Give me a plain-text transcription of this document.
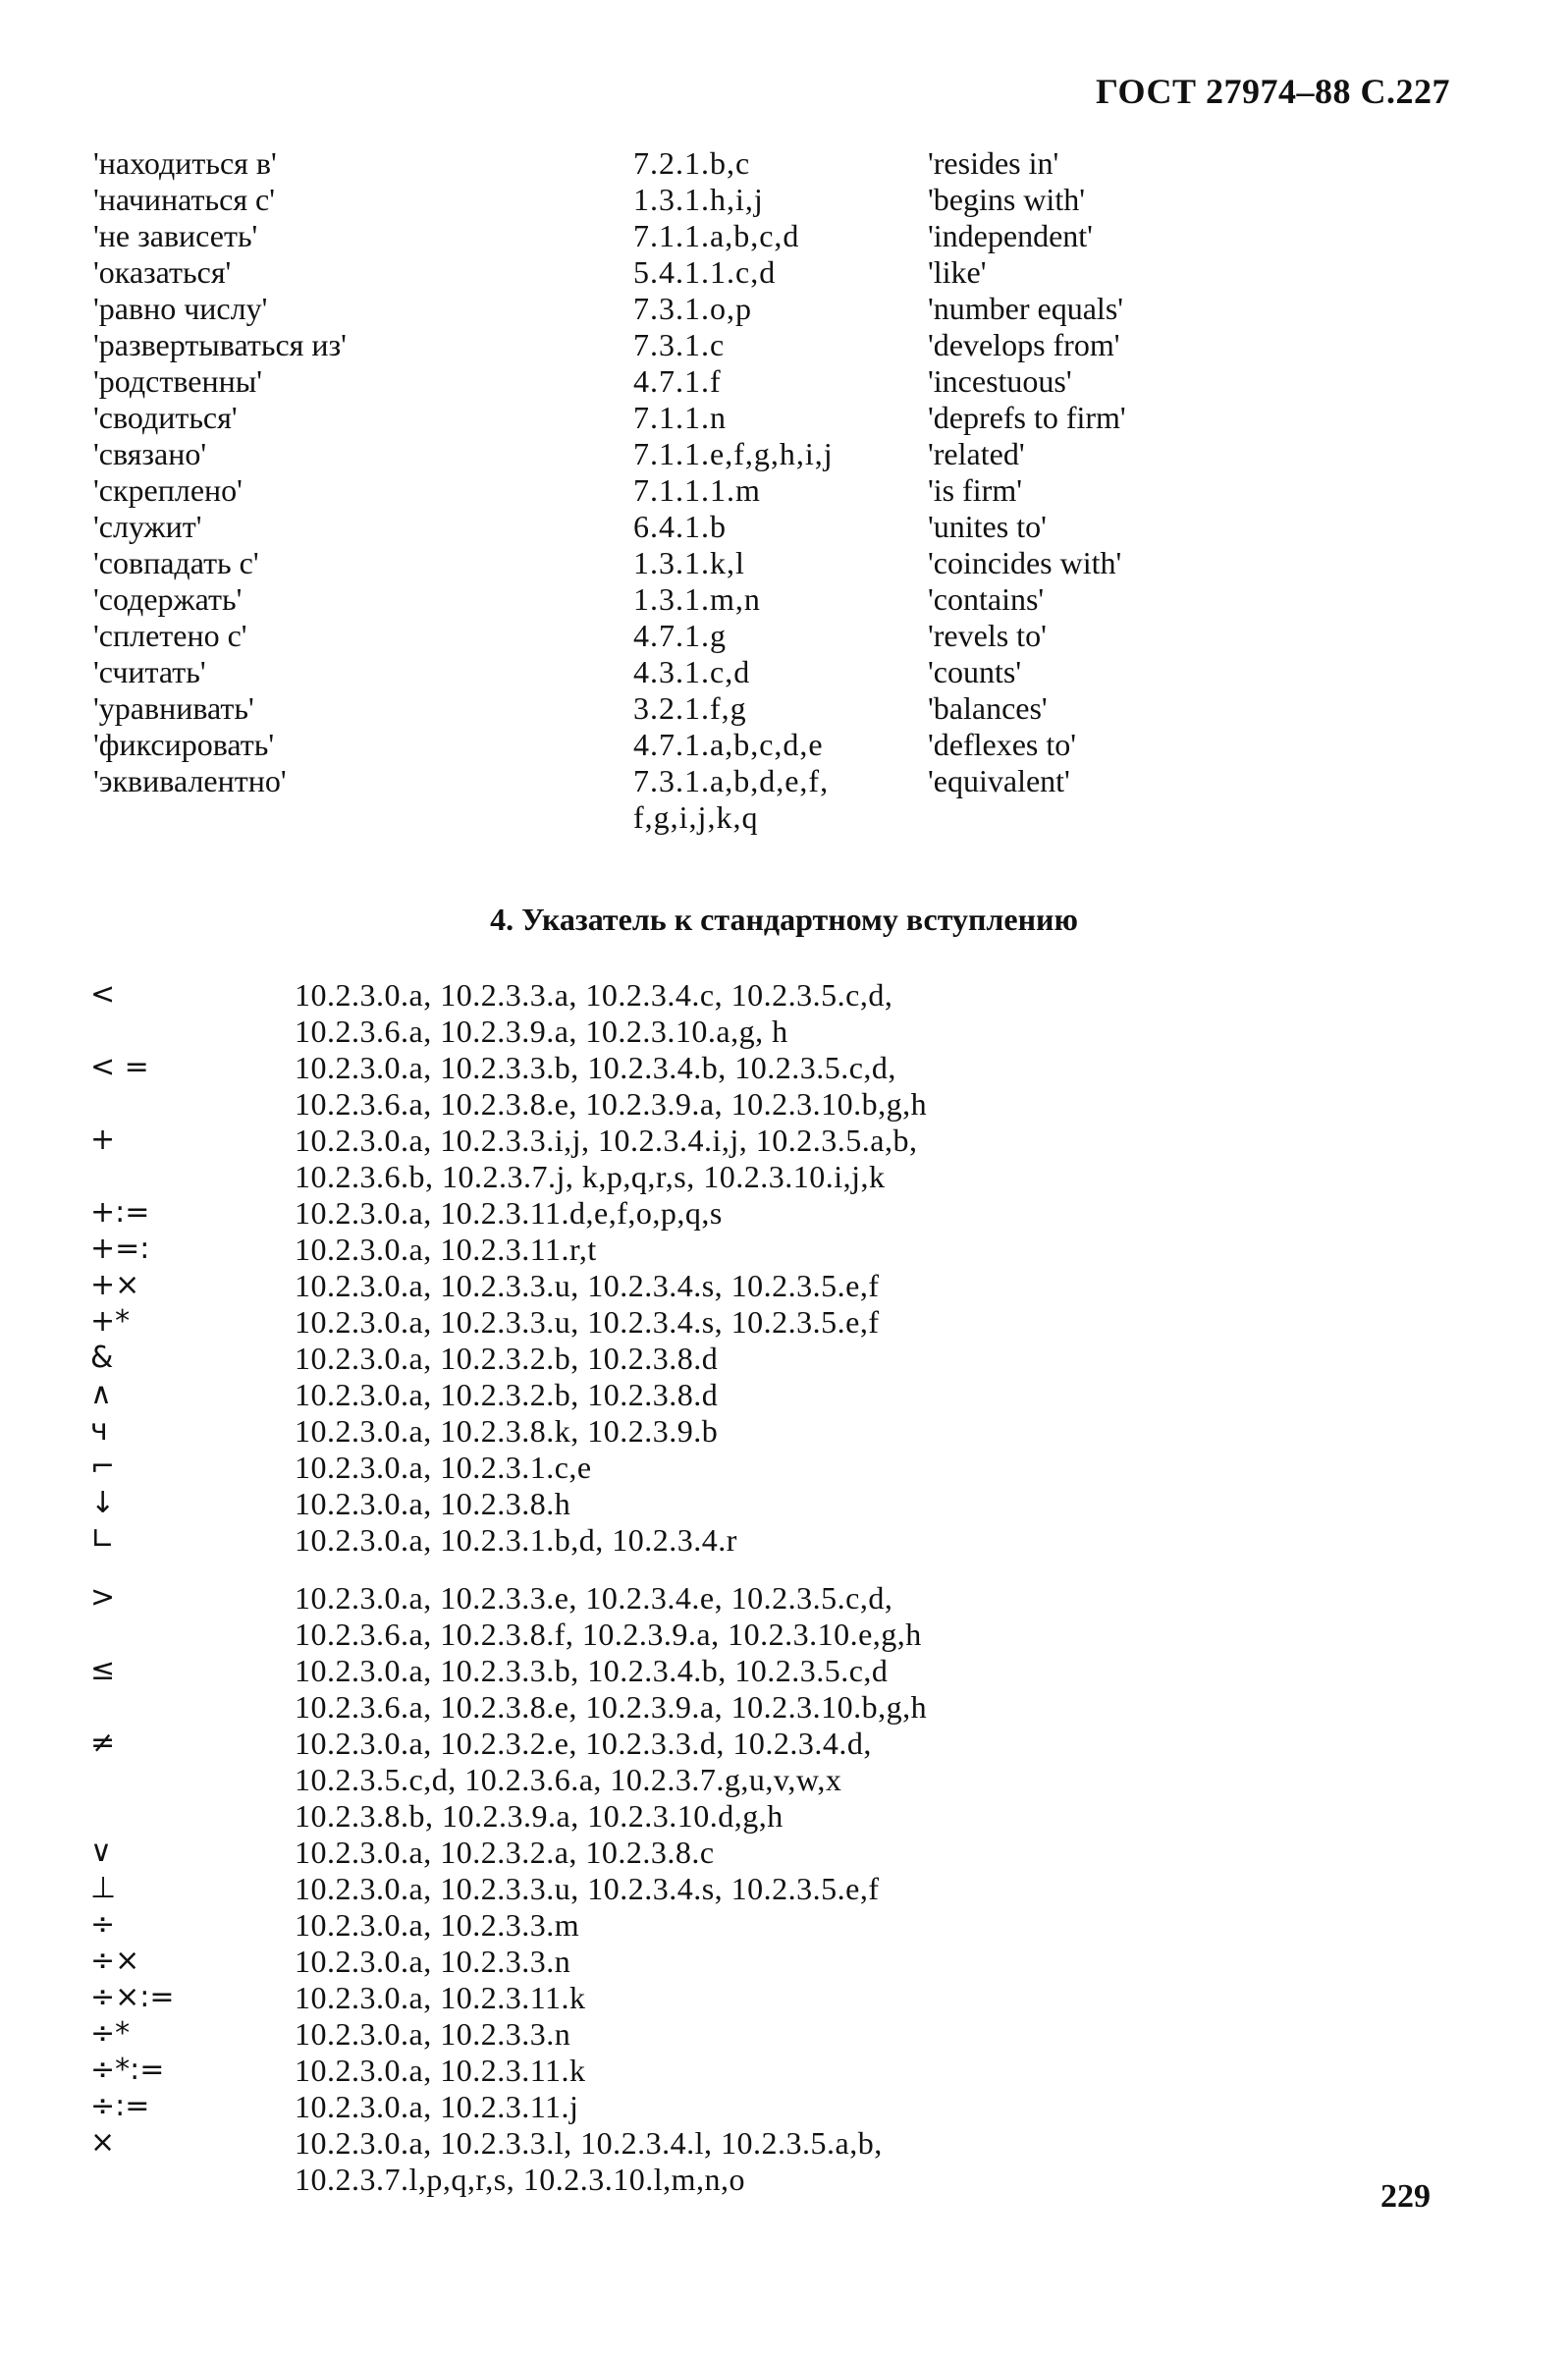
ГОСТ 27974–88 С.227
'находиться в'	7.2.1.b,c	'resides in'
'начинаться с'	1.3.1.h,i,j	'begins with'
'не зависеть'	7.1.1.a,b,c,d	'independent'
'оказаться'	5.4.1.1.c,d	'like'
'равно числу'	7.3.1.o,p	'number equals'
'развертываться из'	7.3.1.c	'develops from'
'родственны'	4.7.1.f	'incestuous'
'сводиться'	7.1.1.n	'deprefs to firm'
'связано'	7.1.1.e,f,g,h,i,j	'related'
'скреплено'	7.1.1.1.m	'is firm'
'служит'	6.4.1.b	'unites to'
'совпадать с'	1.3.1.k,l	'coincides with'
'содержать'	1.3.1.m,n	'contains'
'сплетено с'	4.7.1.g	'revels to'
'считать'	4.3.1.c,d	'counts'
'уравнивать'	3.2.1.f,g	'balances'
'фиксировать'	4.7.1.a,b,c,d,e	'deflexes to'
'эквивалентно'	7.3.1.a,b,d,e,f,	'equivalent'
f,g,i,j,k,q
4. Указатель к стандартному вступлению
<	10.2.3.0.a, 10.2.3.3.a, 10.2.3.4.c, 10.2.3.5.c,d,
10.2.3.6.a, 10.2.3.9.a, 10.2.3.10.a,g, h
< =	10.2.3.0.a, 10.2.3.3.b, 10.2.3.4.b, 10.2.3.5.c,d,
10.2.3.6.a, 10.2.3.8.e, 10.2.3.9.a, 10.2.3.10.b,g,h
+	10.2.3.0.a, 10.2.3.3.i,j, 10.2.3.4.i,j, 10.2.3.5.a,b,
10.2.3.6.b, 10.2.3.7.j, k,p,q,r,s, 10.2.3.10.i,j,k
+:=	10.2.3.0.a, 10.2.3.11.d,e,f,o,p,q,s
+=:	10.2.3.0.a, 10.2.3.11.r,t
+×	10.2.3.0.a, 10.2.3.3.u, 10.2.3.4.s, 10.2.3.5.e,f
+*	10.2.3.0.a, 10.2.3.3.u, 10.2.3.4.s, 10.2.3.5.e,f
&	10.2.3.0.a, 10.2.3.2.b, 10.2.3.8.d
∧	10.2.3.0.a, 10.2.3.2.b, 10.2.3.8.d
ч	10.2.3.0.a, 10.2.3.8.k, 10.2.3.9.b
⌐	10.2.3.0.a, 10.2.3.1.c,e
↓	10.2.3.0.a, 10.2.3.8.h
∟	10.2.3.0.a, 10.2.3.1.b,d, 10.2.3.4.r
>	10.2.3.0.a, 10.2.3.3.e, 10.2.3.4.e, 10.2.3.5.c,d,
10.2.3.6.a, 10.2.3.8.f, 10.2.3.9.a, 10.2.3.10.e,g,h
≤	10.2.3.0.a, 10.2.3.3.b, 10.2.3.4.b, 10.2.3.5.c,d
10.2.3.6.a, 10.2.3.8.e, 10.2.3.9.a, 10.2.3.10.b,g,h
≠	10.2.3.0.a, 10.2.3.2.e, 10.2.3.3.d, 10.2.3.4.d,
10.2.3.5.c,d, 10.2.3.6.a, 10.2.3.7.g,u,v,w,x
10.2.3.8.b, 10.2.3.9.a, 10.2.3.10.d,g,h
∨	10.2.3.0.a, 10.2.3.2.a, 10.2.3.8.c
⊥	10.2.3.0.a, 10.2.3.3.u, 10.2.3.4.s, 10.2.3.5.e,f
÷	10.2.3.0.a, 10.2.3.3.m
÷×	10.2.3.0.a, 10.2.3.3.n
÷×:=	10.2.3.0.a, 10.2.3.11.k
÷*	10.2.3.0.a, 10.2.3.3.n
÷*:=	10.2.3.0.a, 10.2.3.11.k
÷:=	10.2.3.0.a, 10.2.3.11.j
×	10.2.3.0.a, 10.2.3.3.l, 10.2.3.4.l, 10.2.3.5.a,b,
10.2.3.7.l,p,q,r,s, 10.2.3.10.l,m,n,o	229
